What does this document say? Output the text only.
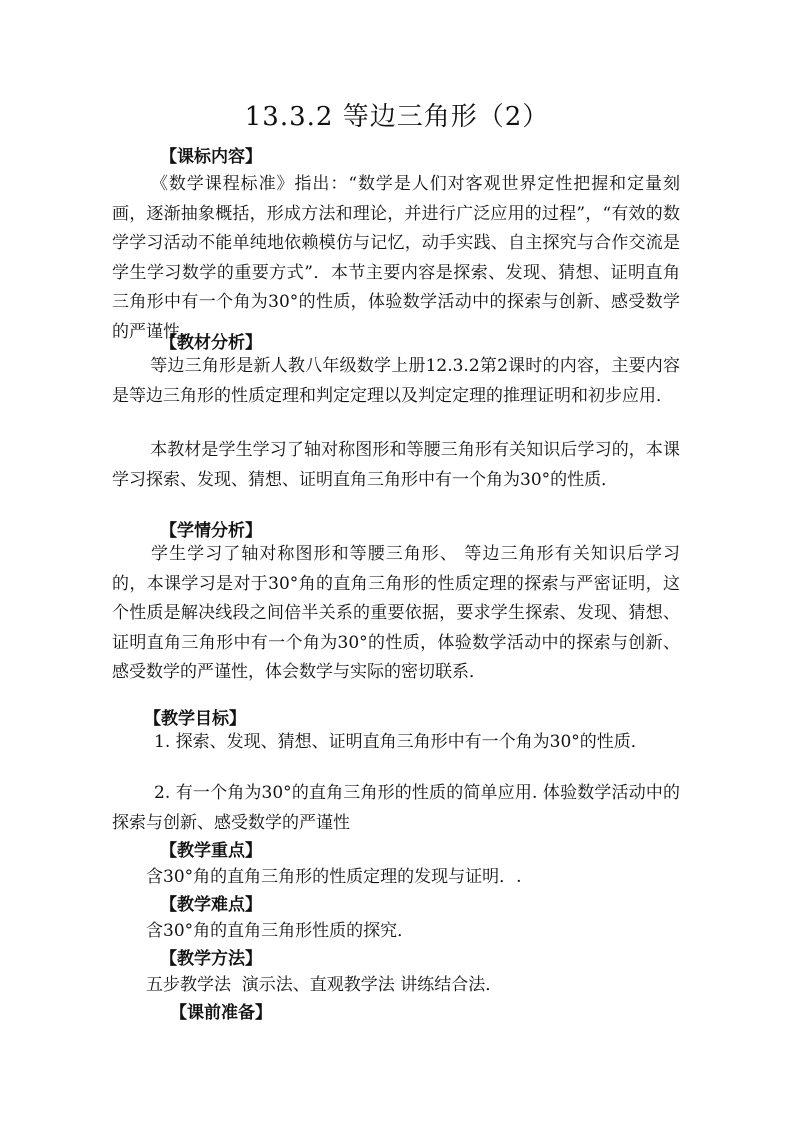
13.3.2 等边三角形（2）
【课标内容】
《数学课程标准》指出：“数学是人们对客观世界定性把握和定量刻画，逐渐抽象概括，形成方法和理论，并进行广泛应用的过程”，“有效的数学学习活动不能单纯地依赖模仿与记忆，动手实践、自主探究与合作交流是学生学习数学的重要方式”．本节主要内容是探索、发现、猜想、证明直角三角形中有一个角为30°的性质，体验数学活动中的探索与创新、感受数学的严谨性．
【教材分析】
等边三角形是新人教八年级数学上册12.3.2第2课时的内容，主要内容是等边三角形的性质定理和判定定理以及判定定理的推理证明和初步应用．
本教材是学生学习了轴对称图形和等腰三角形有关知识后学习的，本课学习探索、发现、猜想、证明直角三角形中有一个角为30°的性质．
【学情分析】
学生学习了轴对称图形和等腰三角形、 等边三角形有关知识后学习的，本课学习是对于30°角的直角三角形的性质定理的探索与严密证明，这个性质是解决线段之间倍半关系的重要依据，要求学生探索、发现、猜想、证明直角三角形中有一个角为30°的性质，体验数学活动中的探索与创新、感受数学的严谨性，体会数学与实际的密切联系．
【教学目标】
1. 探索、发现、猜想、证明直角三角形中有一个角为30°的性质．
2. 有一个角为30°的直角三角形的性质的简单应用. 体验数学活动中的探索与创新、感受数学的严谨性
【教学重点】
含30°角的直角三角形的性质定理的发现与证明．.
【教学难点】
含30°角的直角三角形性质的探究．
【教学方法】
五步教学法  演示法、直观教学法 讲练结合法．
【课前准备】
